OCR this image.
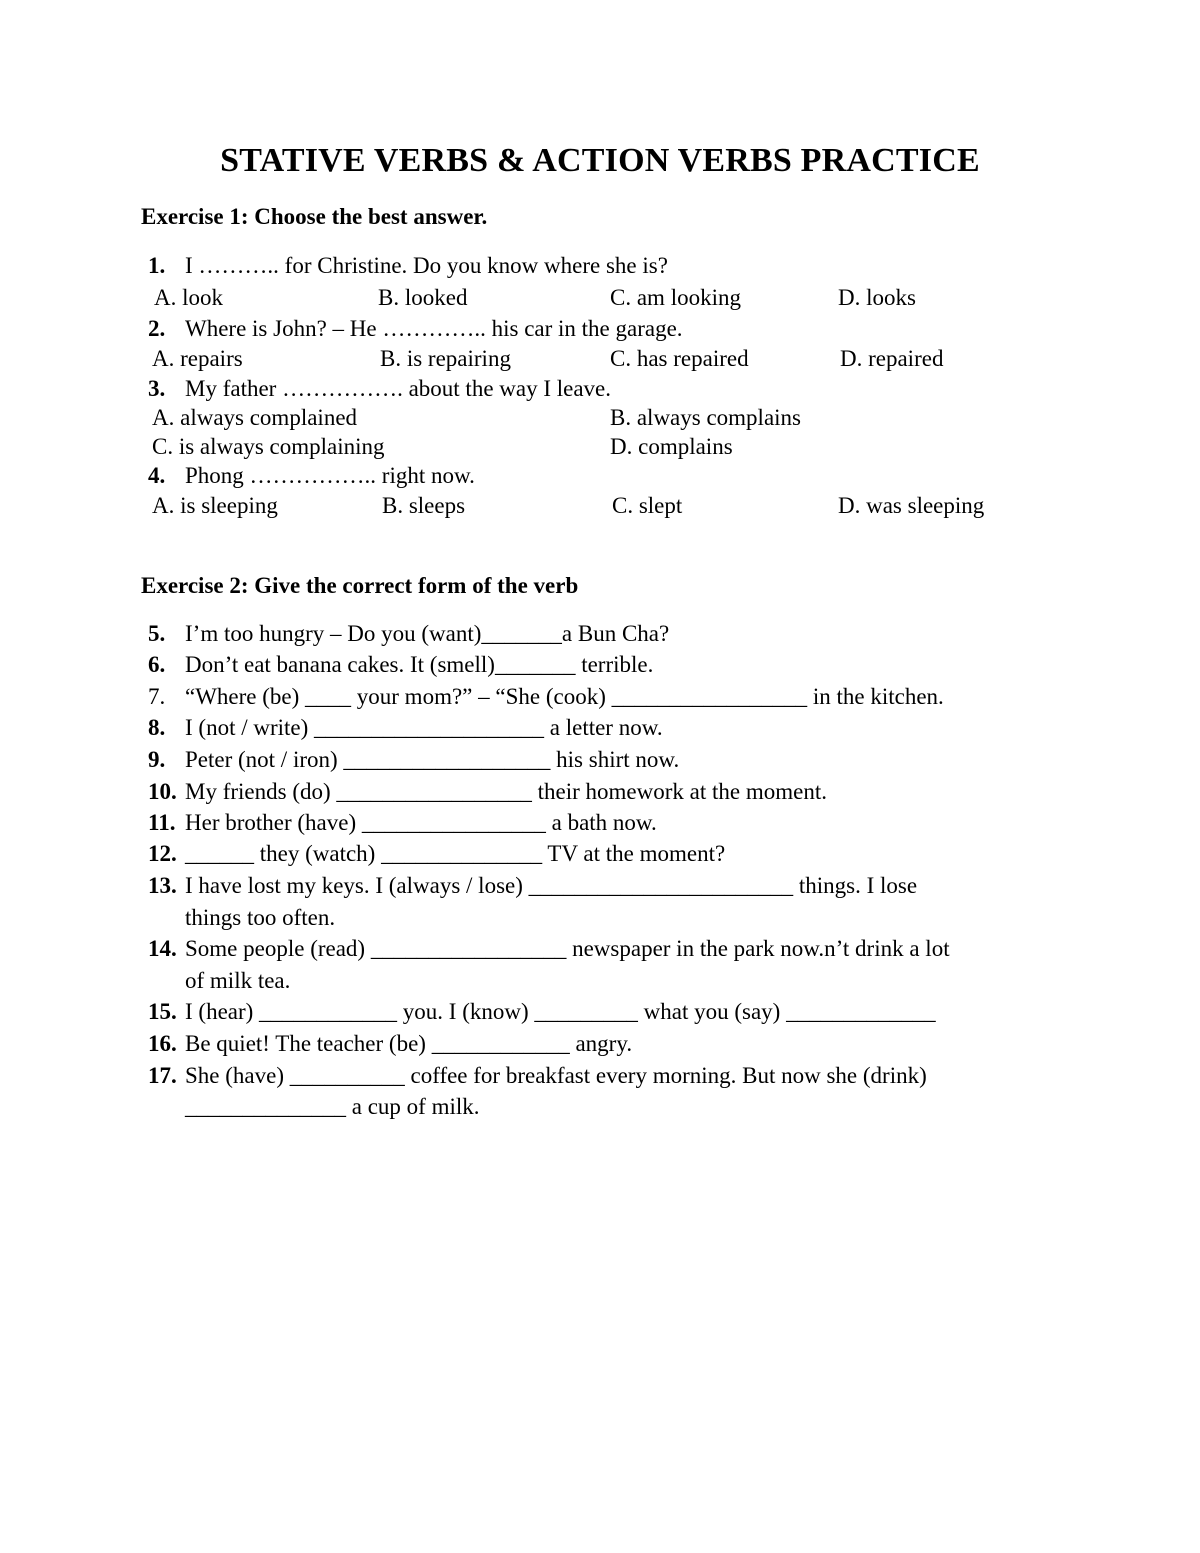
STATIVE VERBS & ACTION VERBS PRACTICE
Exercise 1: Choose the best answer.
1. I ……….. for Christine. Do you know where she is?
A. look	B. looked	C. am looking	D. looks
2. Where is John? – He ………….. his car in the garage.
A. repairs	B. is repairing	C. has repaired	D. repaired
3. My father ……………. about the way I leave.
A. always complained	B. always complains
C. is always complaining	D. complains
4. Phong …………….. right now.
A. is sleeping	B. sleeps	C. slept	D. was sleeping
Exercise 2: Give the correct form of the verb
5. I’m too hungry – Do you (want)_______a Bun Cha?
6. Don’t eat banana cakes. It (smell)_______ terrible.
7. “Where (be) ____ your mom?” – “She (cook) _________________ in the kitchen.
8. I (not / write) ____________________ a letter now.
9. Peter (not / iron) __________________ his shirt now.
10. My friends (do) _________________ their homework at the moment.
11. Her brother (have) ________________ a bath now.
12. ______ they (watch) ______________ TV at the moment?
13. I have lost my keys. I (always / lose) _______________________ things. I lose
things too often.
14. Some people (read) _________________ newspaper in the park now.n’t drink a lot
of milk tea.
15. I (hear) ____________ you. I (know) _________ what you (say) _____________
16. Be quiet! The teacher (be) ____________ angry.
17. She (have) __________ coffee for breakfast every morning. But now she (drink)
______________ a cup of milk.
